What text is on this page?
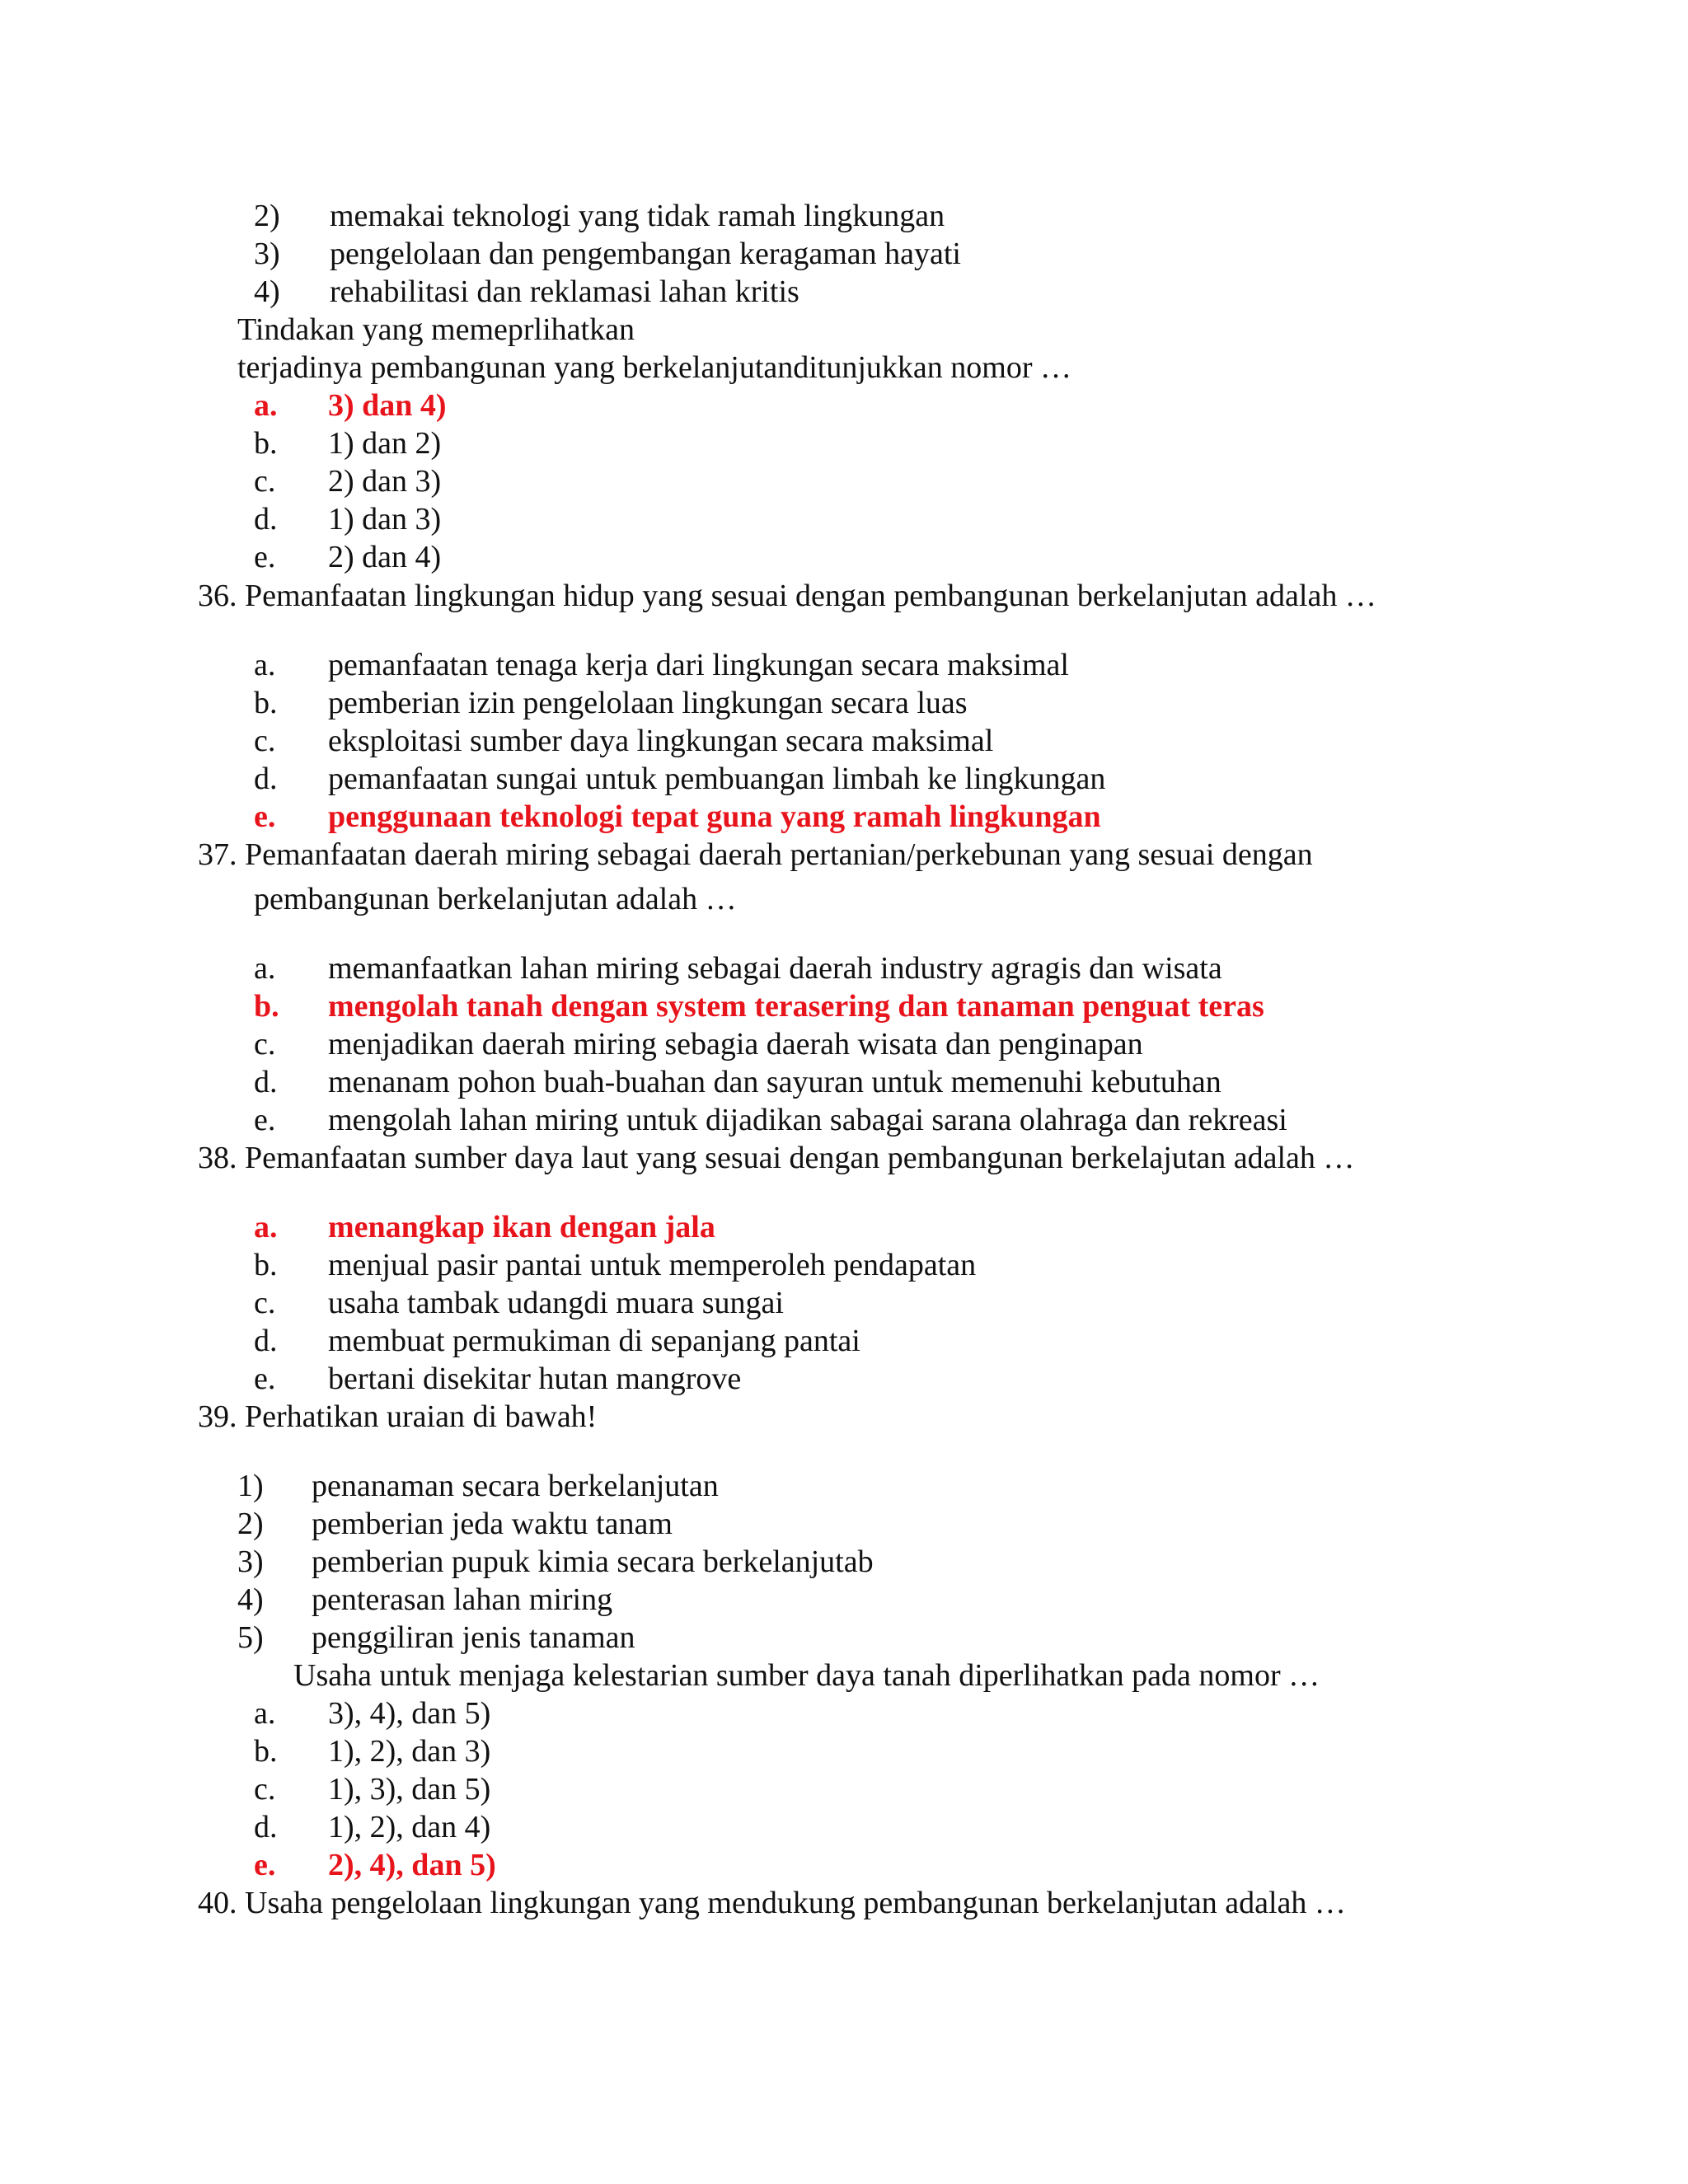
2) memakai teknologi yang tidak ramah lingkungan
3) pengelolaan dan pengembangan keragaman hayati
4) rehabilitasi dan reklamasi lahan kritis
Tindakan yang memeprlihatkan
terjadinya pembangunan yang berkelanjutanditunjukkan nomor …
a. 3) dan 4)
b. 1) dan 2)
c. 2) dan 3)
d. 1) dan 3)
e. 2) dan 4)
36. Pemanfaatan lingkungan hidup yang sesuai dengan pembangunan berkelanjutan adalah …
a. pemanfaatan tenaga kerja dari lingkungan secara maksimal
b. pemberian izin pengelolaan lingkungan secara luas
c. eksploitasi sumber daya lingkungan secara maksimal
d. pemanfaatan sungai untuk pembuangan limbah ke lingkungan
e. penggunaan teknologi tepat guna yang ramah lingkungan
37. Pemanfaatan daerah miring sebagai daerah pertanian/perkebunan yang sesuai dengan
pembangunan berkelanjutan adalah …
a. memanfaatkan lahan miring sebagai daerah industry agragis dan wisata
b. mengolah tanah dengan system terasering dan tanaman penguat teras
c. menjadikan daerah miring sebagia daerah wisata dan penginapan
d. menanam pohon buah-buahan dan sayuran untuk memenuhi kebutuhan
e. mengolah lahan miring untuk dijadikan sabagai sarana olahraga dan rekreasi
38. Pemanfaatan sumber daya laut yang sesuai dengan pembangunan berkelajutan adalah …
a. menangkap ikan dengan jala
b. menjual pasir pantai untuk memperoleh pendapatan
c. usaha tambak udangdi muara sungai
d. membuat permukiman di sepanjang pantai
e. bertani disekitar hutan mangrove
39. Perhatikan uraian di bawah!
1) penanaman secara berkelanjutan
2) pemberian jeda waktu tanam
3) pemberian pupuk kimia secara berkelanjutab
4) penterasan lahan miring
5) penggiliran jenis tanaman
Usaha untuk menjaga kelestarian sumber daya tanah diperlihatkan pada nomor …
a. 3), 4), dan 5)
b. 1), 2), dan 3)
c. 1), 3), dan 5)
d. 1), 2), dan 4)
e. 2), 4), dan 5)
40. Usaha pengelolaan lingkungan yang mendukung pembangunan berkelanjutan adalah …
